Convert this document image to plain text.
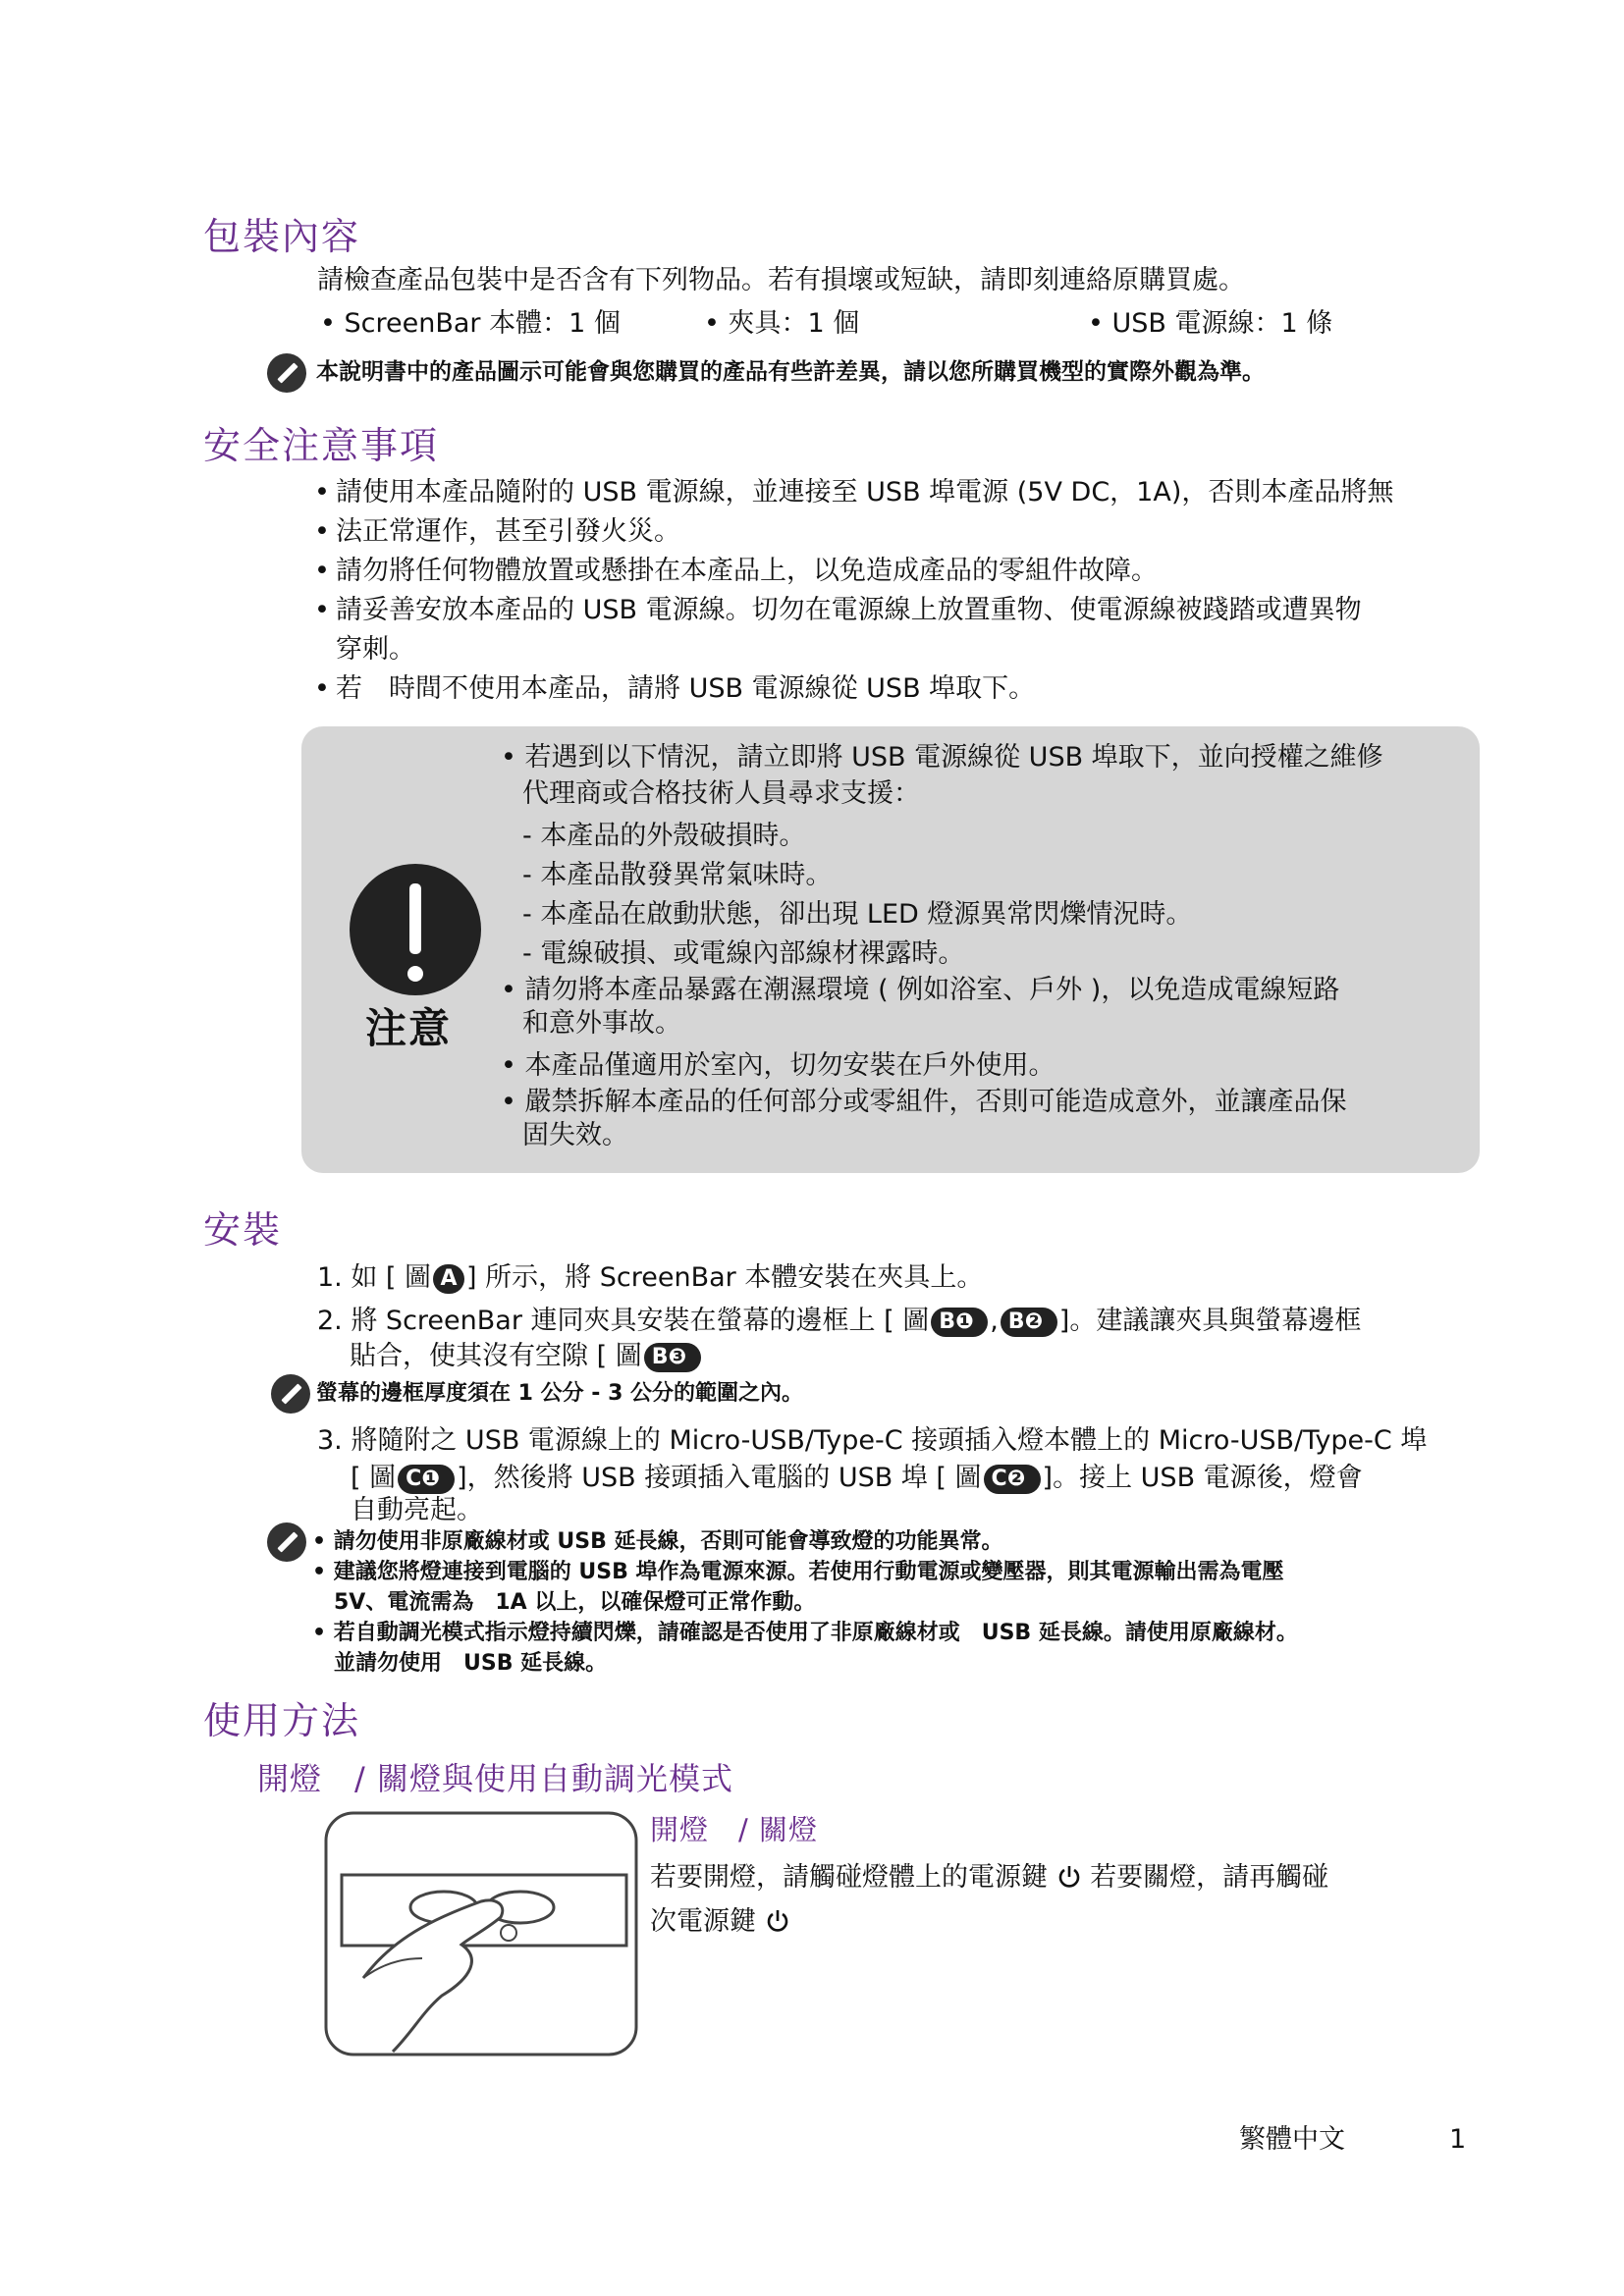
包裝內容
請檢查產品包裝中是否含有下列物品。若有損壞或短缺，請即刻連絡原購買處。
• ScreenBar 本體：1 個	• 夾具：1 個	• USB 電源線：1 條
本說明書中的產品圖示可能會與您購買的產品有些許差異，請以您所購買機型的實際外觀為準。
安全注意事項
• 請使用本產品隨附的 USB 電源線，並連接至 USB 埠電源 (5V DC，1A)，否則本產品將無
• 法正常運作，甚至引發火災。
• 請勿將任何物體放置或懸掛在本產品上，以免造成產品的零組件故障。
• 請妥善安放本產品的 USB 電源線。切勿在電源線上放置重物、使電源線被踐踏或遭異物
穿刺。
• 若　時間不使用本產品，請將 USB 電源線從 USB 埠取下。
注意
• 若遇到以下情況，請立即將 USB 電源線從 USB 埠取下，並向授權之維修
代理商或合格技術人員尋求支援：
- 本產品的外殼破損時。
- 本產品散發異常氣味時。
- 本產品在啟動狀態，卻出現 LED 燈源異常閃爍情況時。
- 電線破損、或電線內部線材裸露時。
• 請勿將本產品暴露在潮濕環境 ( 例如浴室、戶外 )，以免造成電線短路
和意外事故。
• 本產品僅適用於室內，切勿安裝在戶外使用。
• 嚴禁拆解本產品的任何部分或零組件，否則可能造成意外，並讓產品保
固失效。
安裝
1. 如 [ 圖 A ] 所示，將 ScreenBar 本體安裝在夾具上。
2. 將 ScreenBar 連同夾具安裝在螢幕的邊框上 [ 圖 B❶ , B❷ ]。建議讓夾具與螢幕邊框
貼合，使其沒有空隙 [ 圖 B❸
螢幕的邊框厚度須在 1 公分 - 3 公分的範圍之內。
3. 將隨附之 USB 電源線上的 Micro-USB/Type-C 接頭插入燈本體上的 Micro-USB/Type-C 埠
[ 圖 C❶ ]，然後將 USB 接頭插入電腦的 USB 埠 [ 圖 C❷ ]。接上 USB 電源後，燈會
自動亮起。
• 請勿使用非原廠線材或 USB 延長線，否則可能會導致燈的功能異常。
• 建議您將燈連接到電腦的 USB 埠作為電源來源。若使用行動電源或變壓器，則其電源輸出需為電壓
5V、電流需為　1A 以上，以確保燈可正常作動。
• 若自動調光模式指示燈持續閃爍，請確認是否使用了非原廠線材或　USB 延長線。請使用原廠線材。
並請勿使用　USB 延長線。
使用方法
開燈　/ 關燈與使用自動調光模式
開燈　/ 關燈
若要開燈，請觸碰燈體上的電源鍵 若要關燈，請再觸碰
次電源鍵
繁體中文	1
